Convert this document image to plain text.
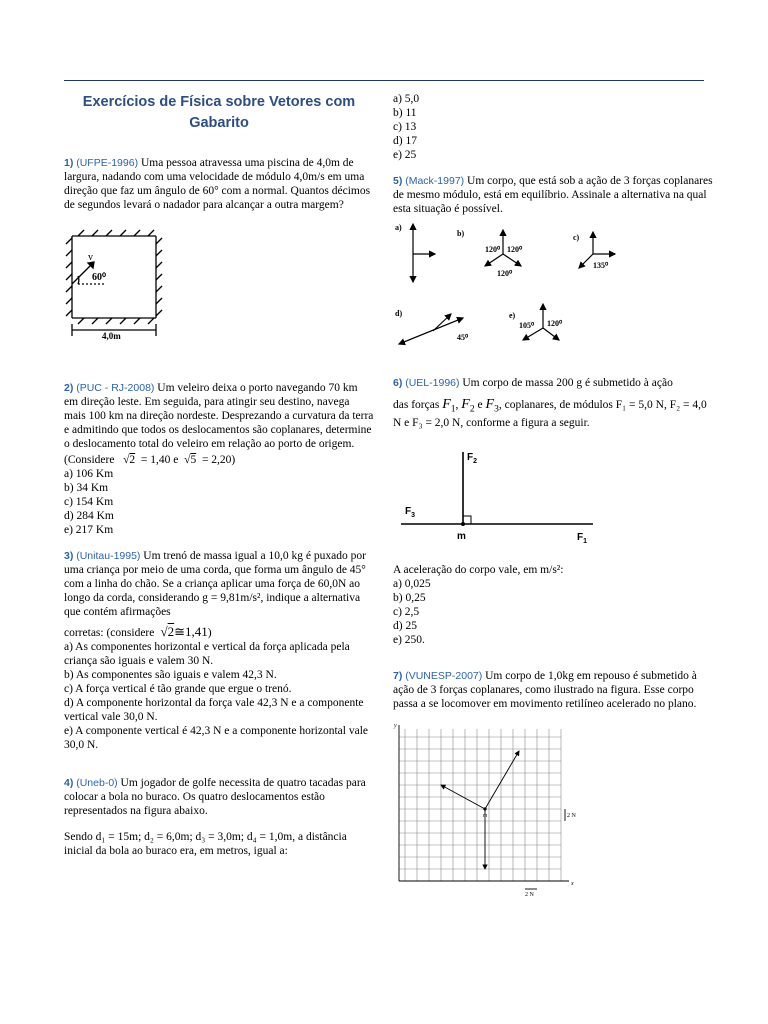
Exercícios de Física sobre Vetores com Gabarito

1) (UFPE-1996) Uma pessoa atravessa uma piscina de 4,0m de largura, nadando com uma velocidade de módulo 4,0m/s em uma direção que faz um ângulo de 60° com a normal. Quantos décimos de segundos levará o nadador para alcançar a outra margem?

v
60⁰
4,0m

2) (PUC - RJ-2008) Um veleiro deixa o porto navegando 70 km em direção leste. Em seguida, para atingir seu destino, navega mais 100 km na direção nordeste. Desprezando a curvatura da terra e admitindo que todos os deslocamentos são coplanares, determine o deslocamento total do veleiro em relação ao porto de origem.

(Considere   √2 = 1,40 e  √5 = 2,20)

a) 106 Km
b) 34 Km
c) 154 Km
d) 284 Km
e) 217 Km

3) (Unitau-1995) Um trenó de massa igual a 10,0 kg é puxado por uma criança por meio de uma corda, que forma um ângulo de 45° com a linha do chão. Se a criança aplicar uma força de 60,0N ao longo da corda, considerando g = 9,81m/s², indique a alternativa que contém afirmações

corretas: (considere  √2≅1,41)

a) As componentes horizontal e vertical da força aplicada pela criança são iguais e valem 30 N.
b) As componentes são iguais e valem 42,3 N.
c) A força vertical é tão grande que ergue o trenó.
d) A componente horizontal da força vale 42,3 N e a componente vertical vale 30,0 N.
e) A componente vertical é 42,3 N e a componente horizontal vale 30,0 N.

4) (Uneb-0) Um jogador de golfe necessita de quatro tacadas para colocar a bola no buraco. Os quatro deslocamentos estão representados na figura abaixo.

Sendo d₁ = 15m; d₂ = 6,0m; d₃ = 3,0m; d₄ = 1,0m, a distância inicial da bola ao buraco era, em metros, igual a:

a) 5,0
b) 11
c) 13
d) 17
e) 25

5) (Mack-1997) Um corpo, que está sob a ação de 3 forças coplanares de mesmo módulo, está em equilíbrio. Assinale a alternativa na qual esta situação é possível.

a)
b)	c)
d)	e)
120⁰ 120⁰
120⁰
135⁰
45⁰
105⁰ 120⁰

6) (UEL-1996) Um corpo de massa 200 g é submetido à ação

das forças $F_1$, $F_2$ e $F_3$, coplanares, de módulos F₁ = 5,0 N, F₂ = 4,0 N e F₃ = 2,0 N, conforme a figura a seguir.

$F_2$
$F_3$
$F_1$
m

A aceleração do corpo vale, em m/s²:

a) 0,025
b) 0,25
c) 2,5
d) 25
e) 250.

7) (VUNESP-2007) Um corpo de 1,0kg em repouso é submetido à ação de 3 forças coplanares, como ilustrado na figura. Esse corpo passa a se locomover em movimento retilíneo acelerado no plano.

y
x
m	2 N
2 N
